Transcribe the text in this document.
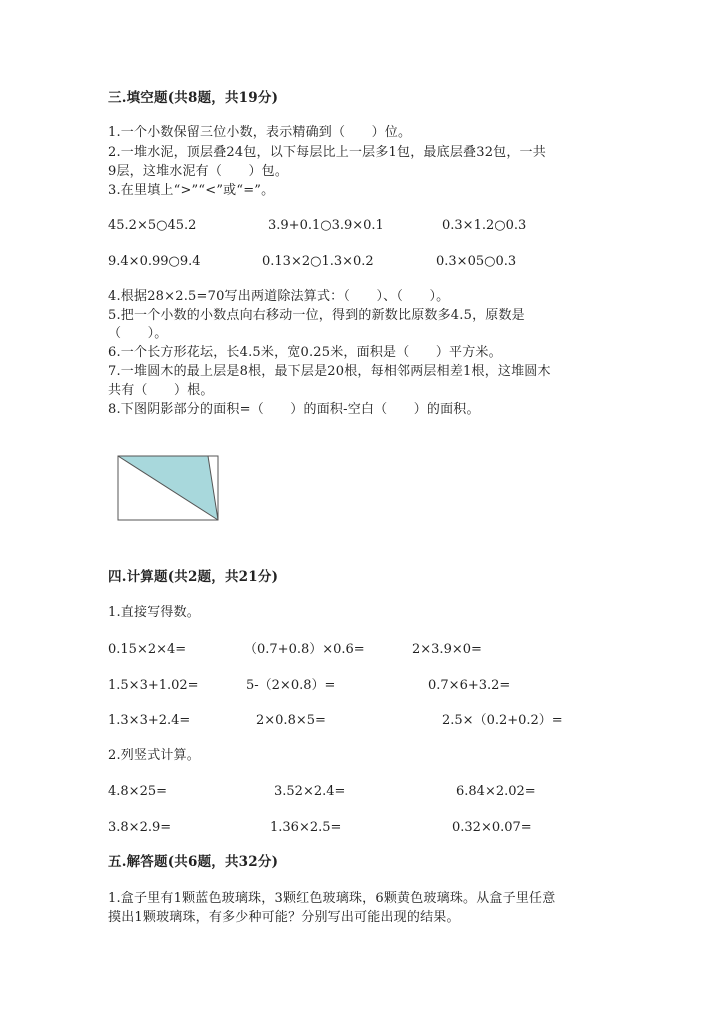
三.填空题(共8题，共19分)
1.一个小数保留三位小数，表示精确到（　　）位。
2.一堆水泥，顶层叠24包，以下每层比上一层多1包，最底层叠32包，一共
9层，这堆水泥有（　　）包。
3.在里填上“>”“<”或“=”。
45.2×5○45.2	3.9+0.1○3.9×0.1	0.3×1.2○0.3
9.4×0.99○9.4	0.13×2○1.3×0.2	0.3×05○0.3
4.根据28×2.5=70写出两道除法算式：（　　）、（　　）。
5.把一个小数的小数点向右移动一位，得到的新数比原数多4.5，原数是
（　　）。
6.一个长方形花坛，长4.5米，宽0.25米，面积是（　　）平方米。
7.一堆圆木的最上层是8根，最下层是20根，每相邻两层相差1根，这堆圆木
共有（　　）根。
8.下图阴影部分的面积=（　　）的面积-空白（　　）的面积。
四.计算题(共2题，共21分)
1.直接写得数。
0.15×2×4=	（0.7+0.8）×0.6=	2×3.9×0=
1.5×3+1.02=	5-（2×0.8）=	0.7×6+3.2=
1.3×3+2.4=	2×0.8×5=	2.5×（0.2+0.2）=
2.列竖式计算。
4.8×25=	3.52×2.4=	6.84×2.02=
3.8×2.9=	1.36×2.5=	0.32×0.07=
五.解答题(共6题，共32分)
1.盒子里有1颗蓝色玻璃珠，3颗红色玻璃珠，6颗黄色玻璃珠。从盒子里任意
摸出1颗玻璃珠，有多少种可能？分别写出可能出现的结果。
